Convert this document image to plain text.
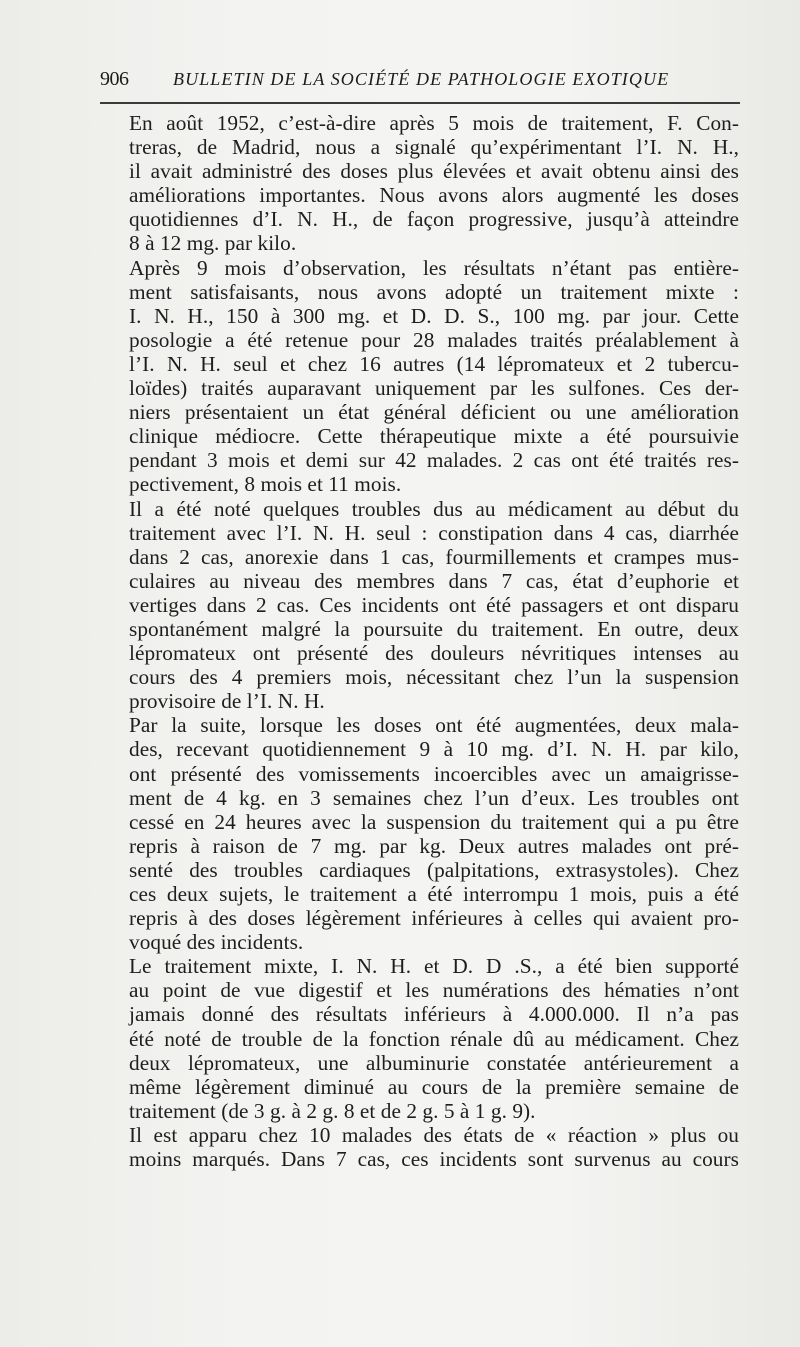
906 BULLETIN DE LA SOCIÉTÉ DE PATHOLOGIE EXOTIQUE

En août 1952, c’est-à-dire après 5 mois de traitement, F. Con-
treras, de Madrid, nous a signalé qu’expérimentant l’I. N. H.,
il avait administré des doses plus élevées et avait obtenu ainsi des
améliorations importantes. Nous avons alors augmenté les doses
quotidiennes d’I. N. H., de façon progressive, jusqu’à atteindre
8 à 12 mg. par kilo.

Après 9 mois d’observation, les résultats n’étant pas entière-
ment satisfaisants, nous avons adopté un traitement mixte :
I. N. H., 150 à 300 mg. et D. D. S., 100 mg. par jour. Cette
posologie a été retenue pour 28 malades traités préalablement à
l’I. N. H. seul et chez 16 autres (14 lépromateux et 2 tubercu-
loïdes) traités auparavant uniquement par les sulfones. Ces der-
niers présentaient un état général déficient ou une amélioration
clinique médiocre. Cette thérapeutique mixte a été poursuivie
pendant 3 mois et demi sur 42 malades. 2 cas ont été traités res-
pectivement, 8 mois et 11 mois.

Il a été noté quelques troubles dus au médicament au début du
traitement avec l’I. N. H. seul : constipation dans 4 cas, diarrhée
dans 2 cas, anorexie dans 1 cas, fourmillements et crampes mus-
culaires au niveau des membres dans 7 cas, état d’euphorie et
vertiges dans 2 cas. Ces incidents ont été passagers et ont disparu
spontanément malgré la poursuite du traitement. En outre, deux
lépromateux ont présenté des douleurs névritiques intenses au
cours des 4 premiers mois, nécessitant chez l’un la suspension
provisoire de l’I. N. H.

Par la suite, lorsque les doses ont été augmentées, deux mala-
des, recevant quotidiennement 9 à 10 mg. d’I. N. H. par kilo,
ont présenté des vomissements incoercibles avec un amaigrisse-
ment de 4 kg. en 3 semaines chez l’un d’eux. Les troubles ont
cessé en 24 heures avec la suspension du traitement qui a pu être
repris à raison de 7 mg. par kg. Deux autres malades ont pré-
senté des troubles cardiaques (palpitations, extrasystoles). Chez
ces deux sujets, le traitement a été interrompu 1 mois, puis a été
repris à des doses légèrement inférieures à celles qui avaient pro-
voqué des incidents.

Le traitement mixte, I. N. H. et D. D .S., a été bien supporté
au point de vue digestif et les numérations des hématies n’ont
jamais donné des résultats inférieurs à 4.000.000. Il n’a pas
été noté de trouble de la fonction rénale dû au médicament. Chez
deux lépromateux, une albuminurie constatée antérieurement a
même légèrement diminué au cours de la première semaine de
traitement (de 3 g. à 2 g. 8 et de 2 g. 5 à 1 g. 9).

Il est apparu chez 10 malades des états de « réaction » plus ou
moins marqués. Dans 7 cas, ces incidents sont survenus au cours
